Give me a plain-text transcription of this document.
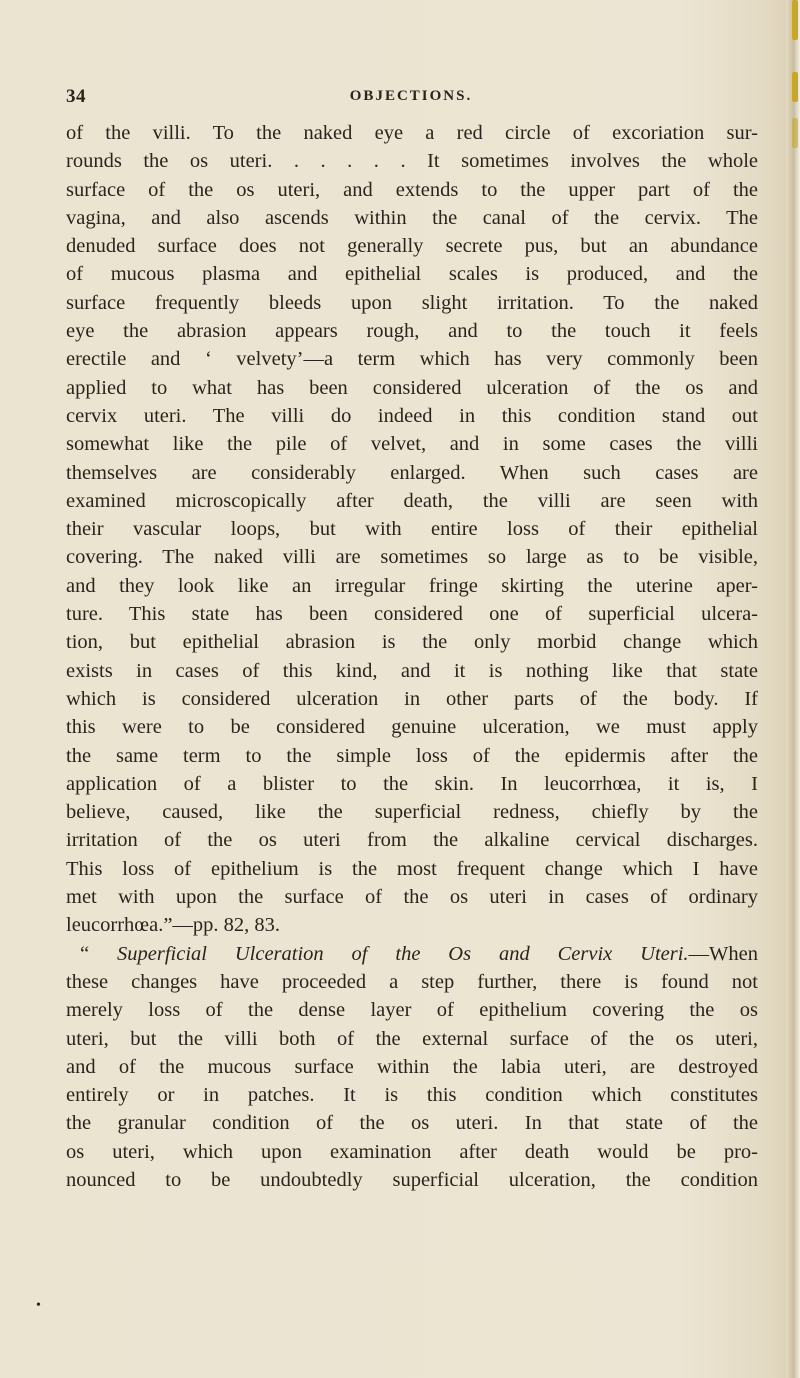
34	OBJECTIONS.
of the villi. To the naked eye a red circle of excoriation sur-
rounds the os uteri. . . . . . It sometimes involves the whole
surface of the os uteri, and extends to the upper part of the
vagina, and also ascends within the canal of the cervix. The
denuded surface does not generally secrete pus, but an abundance
of mucous plasma and epithelial scales is produced, and the
surface frequently bleeds upon slight irritation. To the naked
eye the abrasion appears rough, and to the touch it feels
erectile and ‘ velvety’—a term which has very commonly been
applied to what has been considered ulceration of the os and
cervix uteri. The villi do indeed in this condition stand out
somewhat like the pile of velvet, and in some cases the villi
themselves are considerably enlarged. When such cases are
examined microscopically after death, the villi are seen with
their vascular loops, but with entire loss of their epithelial
covering. The naked villi are sometimes so large as to be visible,
and they look like an irregular fringe skirting the uterine aper-
ture. This state has been considered one of superficial ulcera-
tion, but epithelial abrasion is the only morbid change which
exists in cases of this kind, and it is nothing like that state
which is considered ulceration in other parts of the body. If
this were to be considered genuine ulceration, we must apply
the same term to the simple loss of the epidermis after the
application of a blister to the skin. In leucorrhœa, it is, I
believe, caused, like the superficial redness, chiefly by the
irritation of the os uteri from the alkaline cervical discharges.
This loss of epithelium is the most frequent change which I have
met with upon the surface of the os uteri in cases of ordinary
leucorrhœa.”—pp. 82, 83.
“ Superficial Ulceration of the Os and Cervix Uteri.—When
these changes have proceeded a step further, there is found not
merely loss of the dense layer of epithelium covering the os
uteri, but the villi both of the external surface of the os uteri,
and of the mucous surface within the labia uteri, are destroyed
entirely or in patches. It is this condition which constitutes
the granular condition of the os uteri. In that state of the
os uteri, which upon examination after death would be pro-
nounced to be undoubtedly superficial ulceration, the condition
•
